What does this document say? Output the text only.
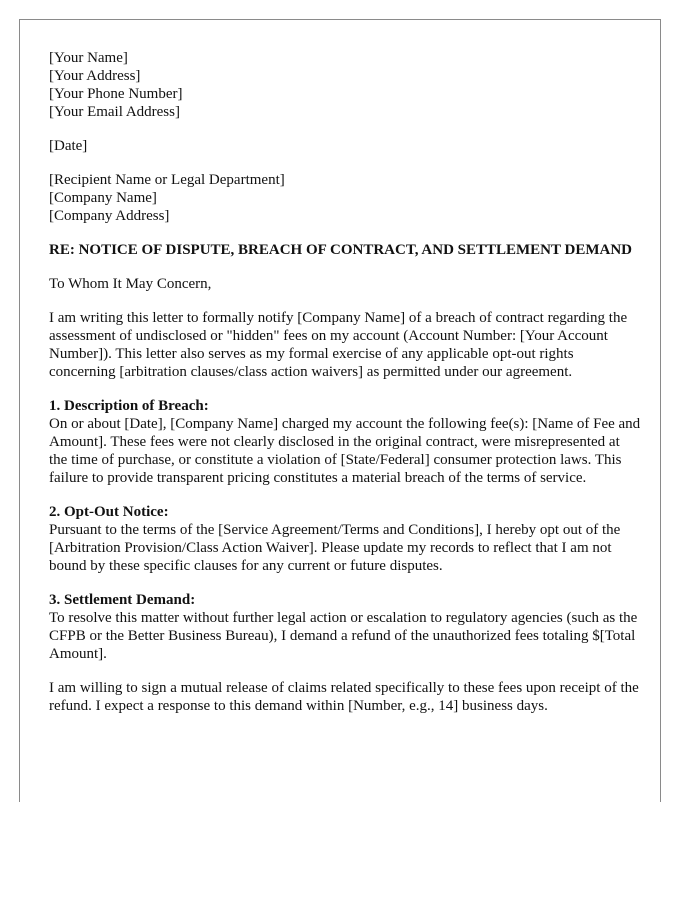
[Your Name]
[Your Address]
[Your Phone Number]
[Your Email Address]
[Date]
[Recipient Name or Legal Department]
[Company Name]
[Company Address]

RE: NOTICE OF DISPUTE, BREACH OF CONTRACT, AND SETTLEMENT DEMAND

To Whom It May Concern,

I am writing this letter to formally notify [Company Name] of a breach of contract regarding the assessment of undisclosed or "hidden" fees on my account (Account Number: [Your Account Number]). This letter also serves as my formal exercise of any applicable opt-out rights concerning [arbitration clauses/class action waivers] as permitted under our agreement.

1. Description of Breach:

On or about [Date], [Company Name] charged my account the following fee(s): [Name of Fee and Amount]. These fees were not clearly disclosed in the original contract, were misrepresented at the time of purchase, or constitute a violation of [State/Federal] consumer protection laws. This failure to provide transparent pricing constitutes a material breach of the terms of service.

2. Opt-Out Notice:

Pursuant to the terms of the [Service Agreement/Terms and Conditions], I hereby opt out of the [Arbitration Provision/Class Action Waiver]. Please update my records to reflect that I am not bound by these specific clauses for any current or future disputes.

3. Settlement Demand:

To resolve this matter without further legal action or escalation to regulatory agencies (such as the CFPB or the Better Business Bureau), I demand a refund of the unauthorized fees totaling $[Total Amount].

I am willing to sign a mutual release of claims related specifically to these fees upon receipt of the refund. I expect a response to this demand within [Number, e.g., 14] business days.
